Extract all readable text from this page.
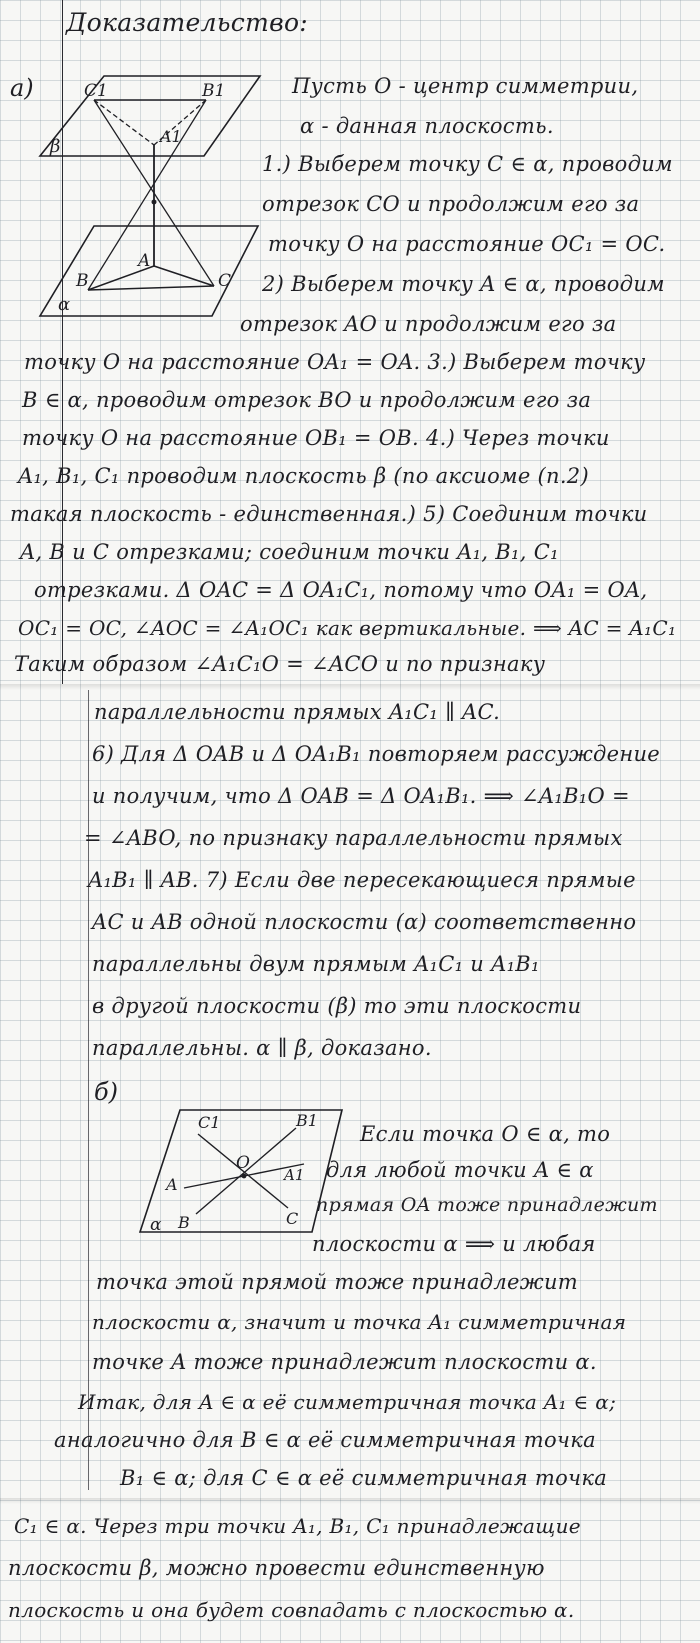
Доказательство:
а)	C1	B1
A1
A
B	C
α
β
Пусть O - центр симметрии,
α - данная плоскость.
1.) Выберем точку C ∈ α, проводим
отрезок CO и продолжим его за
точку O на расстояние OC₁ = OC.
2) Выберем точку A ∈ α, проводим
отрезок AO и продолжим его за
точку O на расстояние OA₁ = OA. 3.) Выберем точку
B ∈ α, проводим отрезок BO и продолжим его за
точку O на расстояние OB₁ = OB. 4.) Через точки
A₁, B₁, C₁ проводим плоскость β (по аксиоме (п.2)
такая плоскость - единственная.) 5) Соединим точки
A, B и C отрезками; соединим точки A₁, B₁, C₁
отрезками. Δ OAC = Δ OA₁C₁, потому что OA₁ = OA,
OC₁ = OC, ∠AOC = ∠A₁OC₁ как вертикальные. ⟹ AC = A₁C₁
Таким образом ∠A₁C₁O = ∠ACO и по признаку
параллельности прямых A₁C₁ ∥ AC.
6) Для Δ OAB и Δ OA₁B₁ повторяем рассуждение
и получим, что Δ OAB = Δ OA₁B₁. ⟹ ∠A₁B₁O =
= ∠ABO, по признаку параллельности прямых
A₁B₁ ∥ AB. 7) Если две пересекающиеся прямые
AC и AB одной плоскости (α) соответственно
параллельны двум прямым A₁C₁ и A₁B₁
в другой плоскости (β) то эти плоскости
параллельны. α ∥ β, доказано.
б)
C1	B1
O
A	A1
B	C
α
Если точка O ∈ α, то
для любой точки A ∈ α
прямая OA тоже принадлежит
плоскости α ⟹ и любая
точка этой прямой тоже принадлежит
плоскости α, значит и точка A₁ симметричная
точке A тоже принадлежит плоскости α.
Итак, для A ∈ α её симметричная точка A₁ ∈ α;
аналогично для B ∈ α её симметричная точка
B₁ ∈ α; для C ∈ α её симметричная точка
C₁ ∈ α. Через три точки A₁, B₁, C₁ принадлежащие
плоскости β, можно провести единственную
плоскость и она будет совпадать с плоскостью α.
